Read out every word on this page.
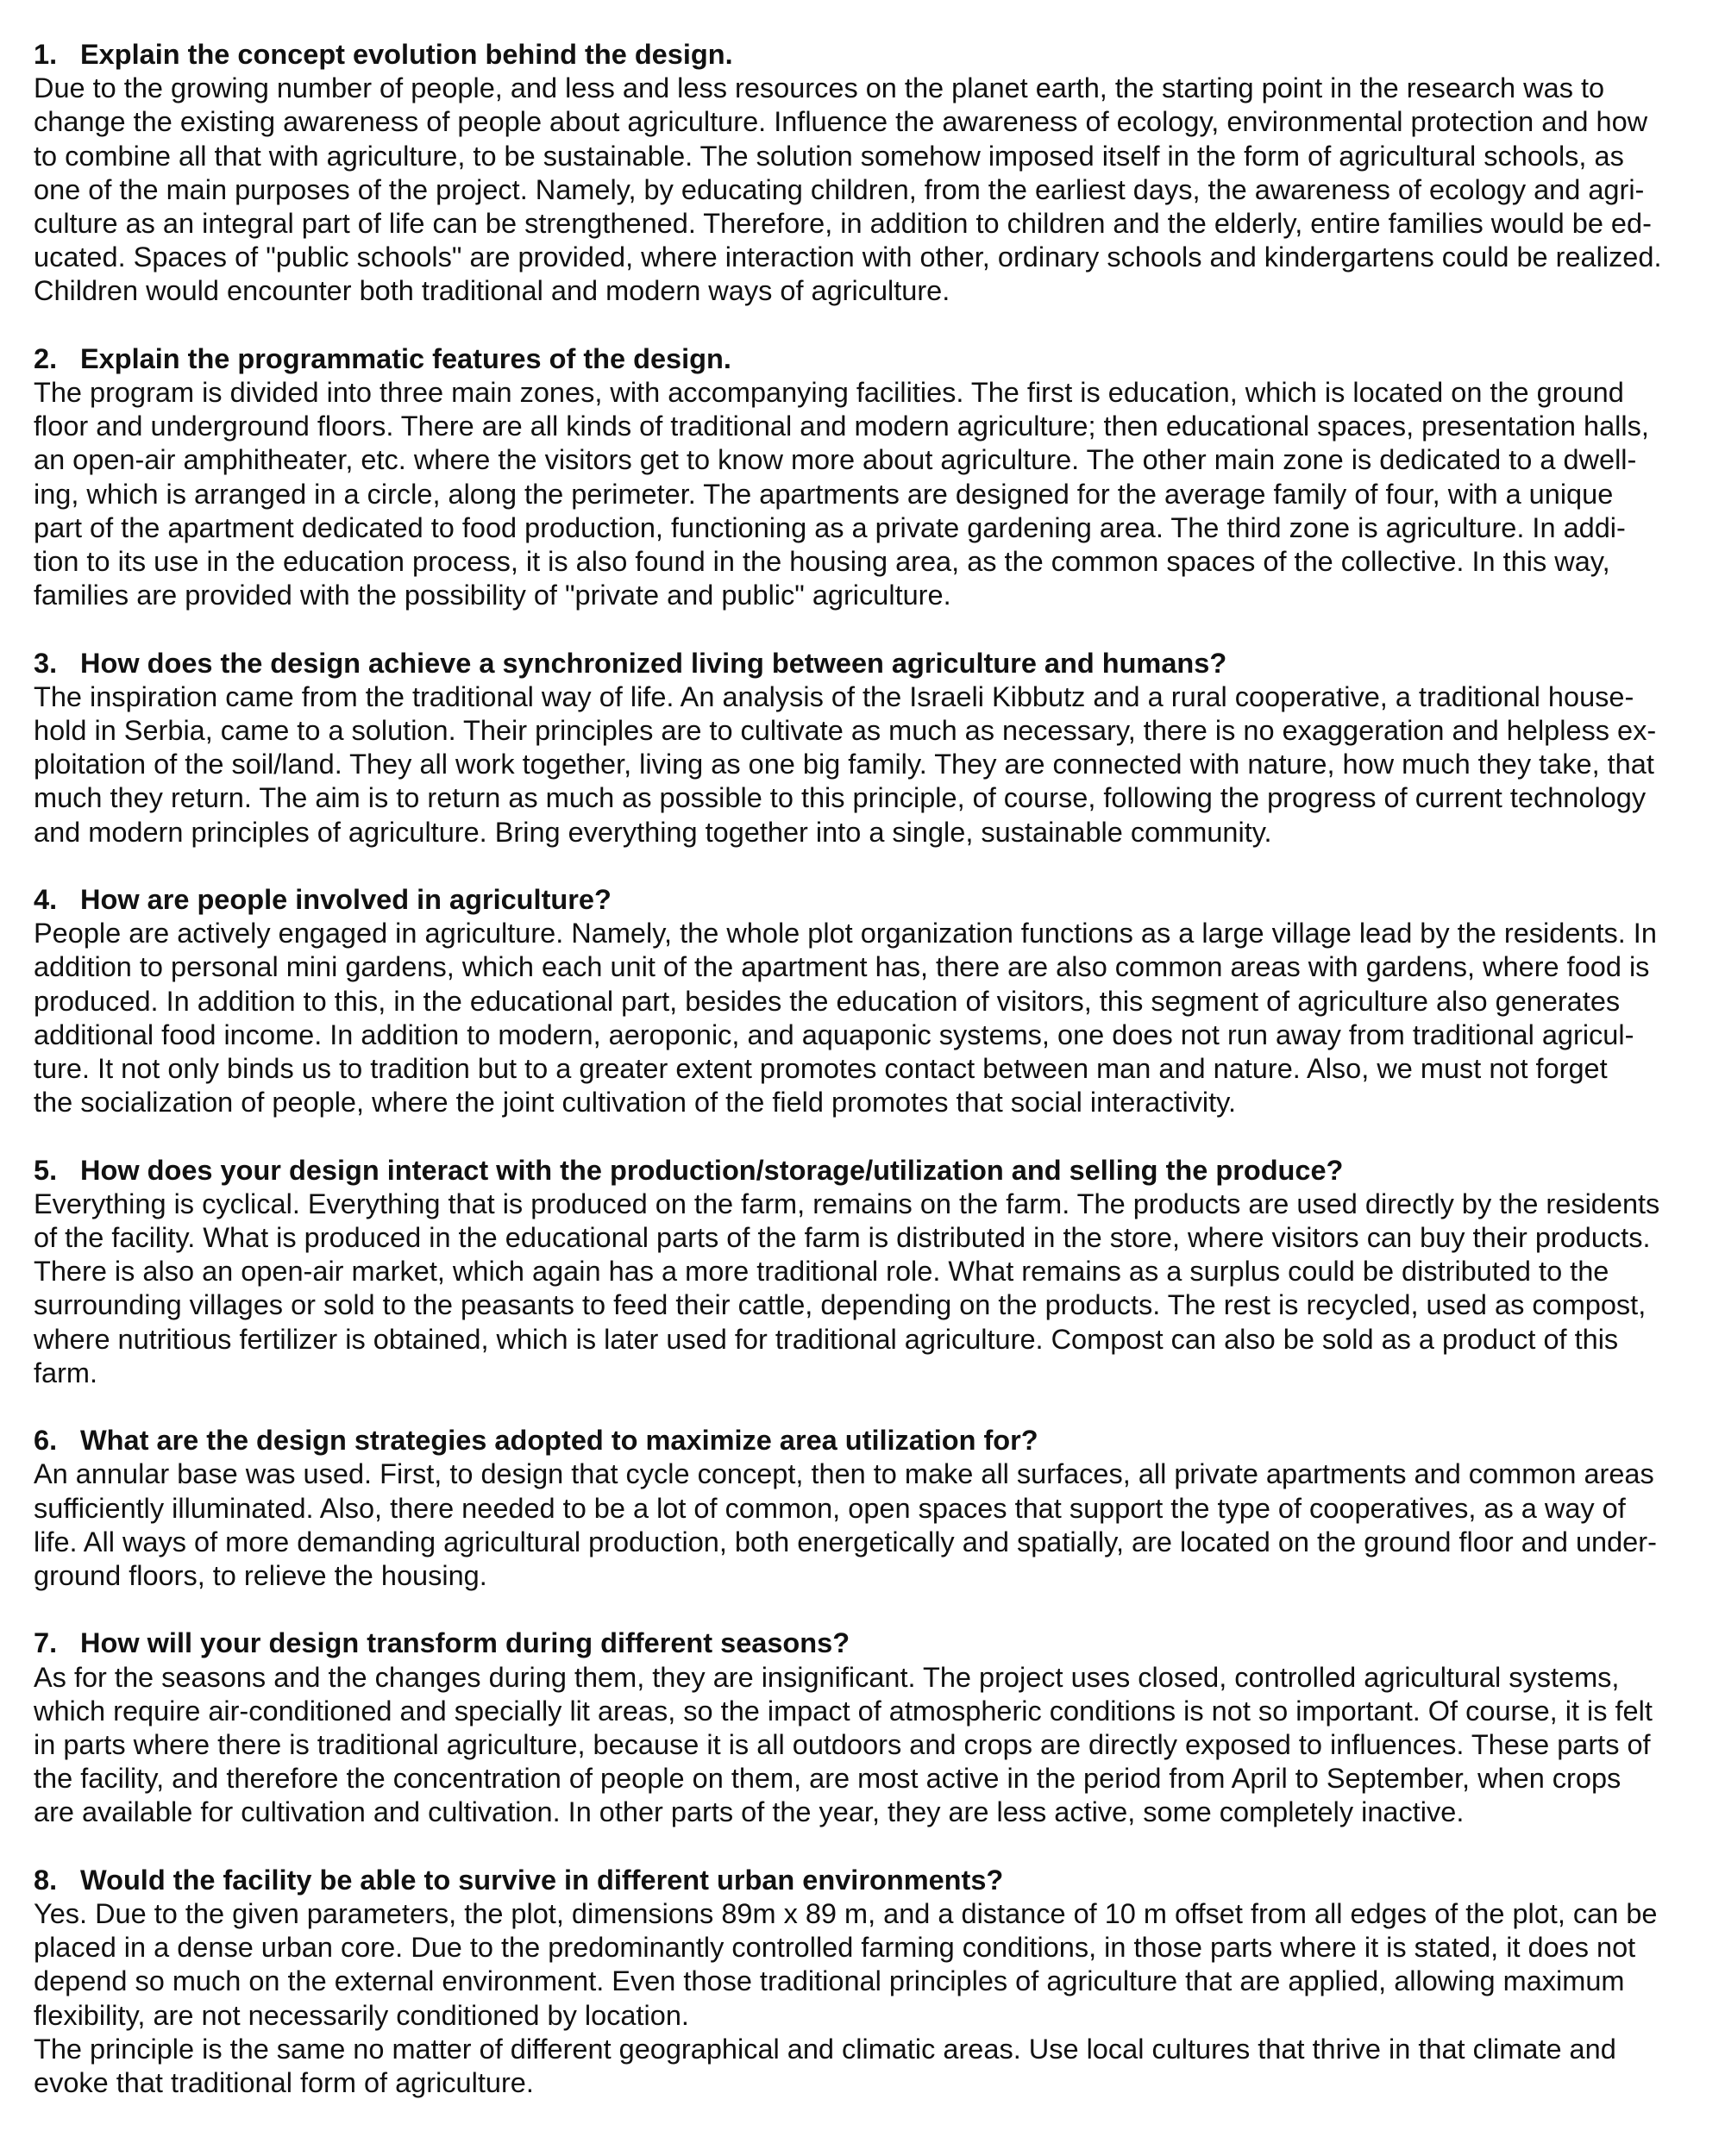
1. Explain the concept evolution behind the design.
Due to the growing number of people, and less and less resources on the planet earth, the starting point in the research was to
change the existing awareness of people about agriculture. Influence the awareness of ecology, environmental protection and how
to combine all that with agriculture, to be sustainable. The solution somehow imposed itself in the form of agricultural schools, as
one of the main purposes of the project. Namely, by educating children, from the earliest days, the awareness of ecology and agri-
culture as an integral part of life can be strengthened. Therefore, in addition to children and the elderly, entire families would be ed-
ucated. Spaces of "public schools" are provided, where interaction with other, ordinary schools and kindergartens could be realized.
Children would encounter both traditional and modern ways of agriculture.
2. Explain the programmatic features of the design.
The program is divided into three main zones, with accompanying facilities. The first is education, which is located on the ground
floor and underground floors. There are all kinds of traditional and modern agriculture; then educational spaces, presentation halls,
an open-air amphitheater, etc. where the visitors get to know more about agriculture. The other main zone is dedicated to a dwell-
ing, which is arranged in a circle, along the perimeter. The apartments are designed for the average family of four, with a unique
part of the apartment dedicated to food production, functioning as a private gardening area. The third zone is agriculture. In addi-
tion to its use in the education process, it is also found in the housing area, as the common spaces of the collective. In this way,
families are provided with the possibility of "private and public" agriculture.
3. How does the design achieve a synchronized living between agriculture and humans?
The inspiration came from the traditional way of life. An analysis of the Israeli Kibbutz and a rural cooperative, a traditional house-
hold in Serbia, came to a solution. Their principles are to cultivate as much as necessary, there is no exaggeration and helpless ex-
ploitation of the soil/land. They all work together, living as one big family. They are connected with nature, how much they take, that
much they return. The aim is to return as much as possible to this principle, of course, following the progress of current technology
and modern principles of agriculture. Bring everything together into a single, sustainable community.
4. How are people involved in agriculture?
People are actively engaged in agriculture. Namely, the whole plot organization functions as a large village lead by the residents. In
addition to personal mini gardens, which each unit of the apartment has, there are also common areas with gardens, where food is
produced. In addition to this, in the educational part, besides the education of visitors, this segment of agriculture also generates
additional food income. In addition to modern, aeroponic, and aquaponic systems, one does not run away from traditional agricul-
ture. It not only binds us to tradition but to a greater extent promotes contact between man and nature. Also, we must not forget
the socialization of people, where the joint cultivation of the field promotes that social interactivity.
5. How does your design interact with the production/storage/utilization and selling the produce?
Everything is cyclical. Everything that is produced on the farm, remains on the farm. The products are used directly by the residents
of the facility. What is produced in the educational parts of the farm is distributed in the store, where visitors can buy their products.
There is also an open-air market, which again has a more traditional role. What remains as a surplus could be distributed to the
surrounding villages or sold to the peasants to feed their cattle, depending on the products. The rest is recycled, used as compost,
where nutritious fertilizer is obtained, which is later used for traditional agriculture. Compost can also be sold as a product of this
farm.
6. What are the design strategies adopted to maximize area utilization for?
An annular base was used. First, to design that cycle concept, then to make all surfaces, all private apartments and common areas
sufficiently illuminated. Also, there needed to be a lot of common, open spaces that support the type of cooperatives, as a way of
life. All ways of more demanding agricultural production, both energetically and spatially, are located on the ground floor and under-
ground floors, to relieve the housing.
7. How will your design transform during different seasons?
As for the seasons and the changes during them, they are insignificant. The project uses closed, controlled agricultural systems,
which require air-conditioned and specially lit areas, so the impact of atmospheric conditions is not so important. Of course, it is felt
in parts where there is traditional agriculture, because it is all outdoors and crops are directly exposed to influences. These parts of
the facility, and therefore the concentration of people on them, are most active in the period from April to September, when crops
are available for cultivation and cultivation. In other parts of the year, they are less active, some completely inactive.
8. Would the facility be able to survive in different urban environments?
Yes. Due to the given parameters, the plot, dimensions 89m x 89 m, and a distance of 10 m offset from all edges of the plot, can be
placed in a dense urban core. Due to the predominantly controlled farming conditions, in those parts where it is stated, it does not
depend so much on the external environment. Even those traditional principles of agriculture that are applied, allowing maximum
flexibility, are not necessarily conditioned by location.
The principle is the same no matter of different geographical and climatic areas. Use local cultures that thrive in that climate and
evoke that traditional form of agriculture.
